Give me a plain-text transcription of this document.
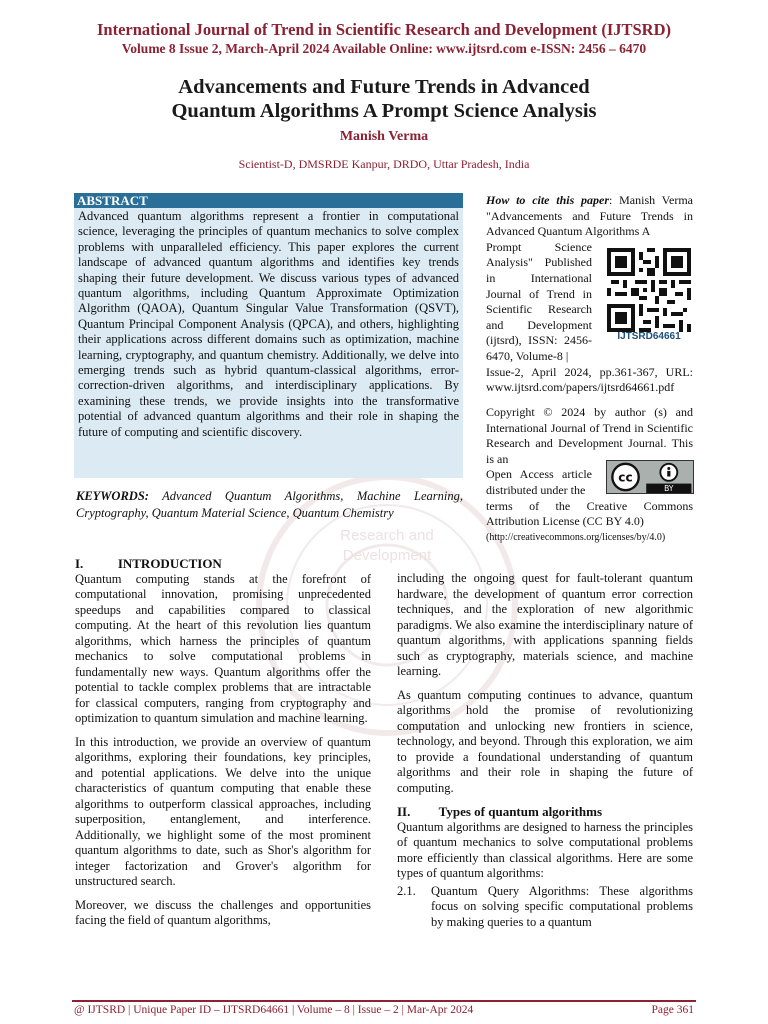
International Journal of Trend in Scientific Research and Development (IJTSRD)
Volume 8 Issue 2, March-April 2024 Available Online: www.ijtsrd.com e-ISSN: 2456 – 6470
Advancements and Future Trends in Advanced
Quantum Algorithms A Prompt Science Analysis
Manish Verma
Scientist-D, DMSRDE Kanpur, DRDO, Uttar Pradesh, India
Research and
Development
ABSTRACT
Advanced quantum algorithms represent a frontier in computational science, leveraging the principles of quantum mechanics to solve complex problems with unparalleled efficiency. This paper explores the current landscape of advanced quantum algorithms and identifies key trends shaping their future development. We discuss various types of advanced quantum algorithms, including Quantum Approximate Optimization Algorithm (QAOA), Quantum Singular Value Transformation (QSVT), Quantum Principal Component Analysis (QPCA), and others, highlighting their applications across different domains such as optimization, machine learning, cryptography, and quantum chemistry. Additionally, we delve into emerging trends such as hybrid quantum-classical algorithms, error-correction-driven algorithms, and interdisciplinary applications. By examining these trends, we provide insights into the transformative potential of advanced quantum algorithms and their role in shaping the future of computing and scientific discovery.
KEYWORDS: Advanced Quantum Algorithms, Machine Learning, Cryptography, Quantum Material Science, Quantum Chemistry
How to cite this paper: Manish Verma "Advancements and Future Trends in Advanced Quantum Algorithms A
Prompt Science Analysis" Published in International Journal of Trend in Scientific Research and Development (ijtsrd), ISSN: 2456-6470, Volume-8 |
Issue-2, April 2024, pp.361-367, URL: www.ijtsrd.com/papers/ijtsrd64661.pdf
IJTSRD64661
Copyright © 2024 by author (s) and International Journal of Trend in Scientific Research and Development Journal. This is an
Open Access article distributed under the
terms of the Creative Commons Attribution License (CC BY 4.0)
(http://creativecommons.org/licenses/by/4.0)
cc
BY
I.	INTRODUCTION

Quantum computing stands at the forefront of computational innovation, promising unprecedented speedups and capabilities compared to classical computing. At the heart of this revolution lies quantum algorithms, which harness the principles of quantum mechanics to solve computational problems in fundamentally new ways. Quantum algorithms offer the potential to tackle complex problems that are intractable for classical computers, ranging from cryptography and optimization to quantum simulation and machine learning.

In this introduction, we provide an overview of quantum algorithms, exploring their foundations, key principles, and potential applications. We delve into the unique characteristics of quantum computing that enable these algorithms to outperform classical approaches, including superposition, entanglement, and interference. Additionally, we highlight some of the most prominent quantum algorithms to date, such as Shor's algorithm for integer factorization and Grover's algorithm for unstructured search.

Moreover, we discuss the challenges and opportunities facing the field of quantum algorithms,

including the ongoing quest for fault-tolerant quantum hardware, the development of quantum error correction techniques, and the exploration of new algorithmic paradigms. We also examine the interdisciplinary nature of quantum algorithms, with applications spanning fields such as cryptography, materials science, and machine learning.

As quantum computing continues to advance, quantum algorithms hold the promise of revolutionizing computation and unlocking new frontiers in science, technology, and beyond. Through this exploration, we aim to provide a foundational understanding of quantum algorithms and their role in shaping the future of computing.

II. Types of quantum algorithms

Quantum algorithms are designed to harness the principles of quantum mechanics to solve computational problems more efficiently than classical algorithms. Here are some types of quantum algorithms:

2.1. Quantum Query Algorithms: These algorithms focus on solving specific computational problems by making queries to a quantum
@ IJTSRD | Unique Paper ID – IJTSRD64661 | Volume – 8 | Issue – 2 | Mar-Apr 2024	Page 361
